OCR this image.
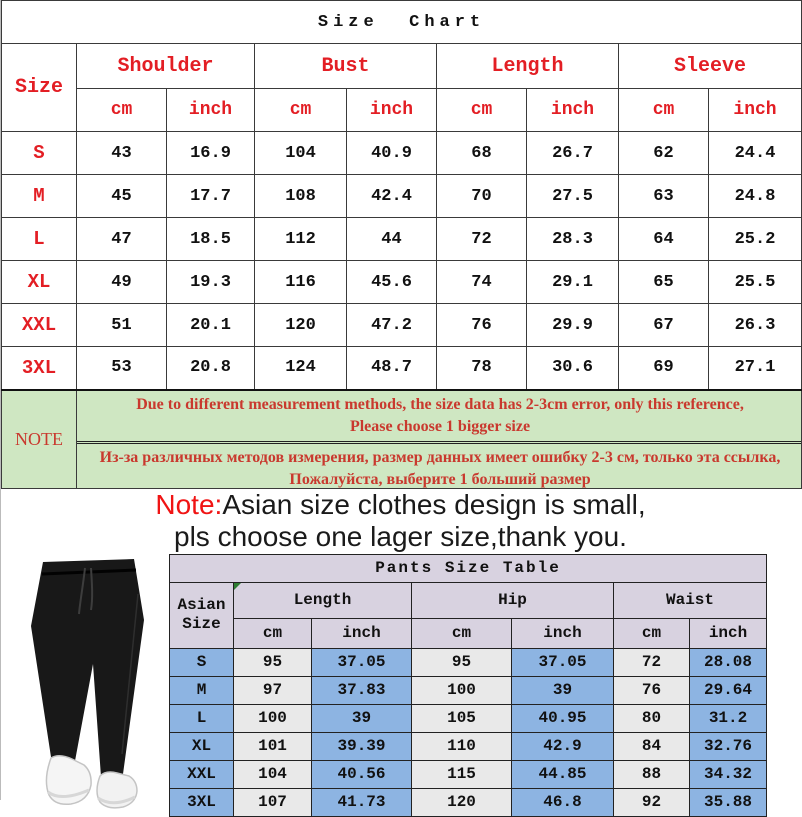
Size  Chart								
Size	Shoulder		Bust		Length		Sleeve	
	cm	inch	cm	inch	cm	inch	cm	inch
S	43	16.9	104	40.9	68	26.7	62	24.4
M	45	17.7	108	42.4	70	27.5	63	24.8
L	47	18.5	112	44	72	28.3	64	25.2
XL	49	19.3	116	45.6	74	29.1	65	25.5
XXL	51	20.1	120	47.2	76	29.9	67	26.3
3XL	53	20.8	124	48.7	78	30.6	69	27.1
NOTE	Due to different measurement methods, the size data has 2-3cm error, only this reference,
Please choose 1 bigger size
Из-за различных методов измерения, размер данных имеет ошибку 2-3 см, только эта ссылка,
Пожалуйста, выберите 1 больший размер							
Note:Asian size clothes design is small,
pls choose one lager size,thank you.
Pants Size Table						
Asian
Size	Length		Hip		Waist	
	cm	inch	cm	inch	cm	inch
S	95	37.05	95	37.05	72	28.08
M	97	37.83	100	39	76	29.64
L	100	39	105	40.95	80	31.2
XL	101	39.39	110	42.9	84	32.76
XXL	104	40.56	115	44.85	88	34.32
3XL	107	41.73	120	46.8	92	35.88
